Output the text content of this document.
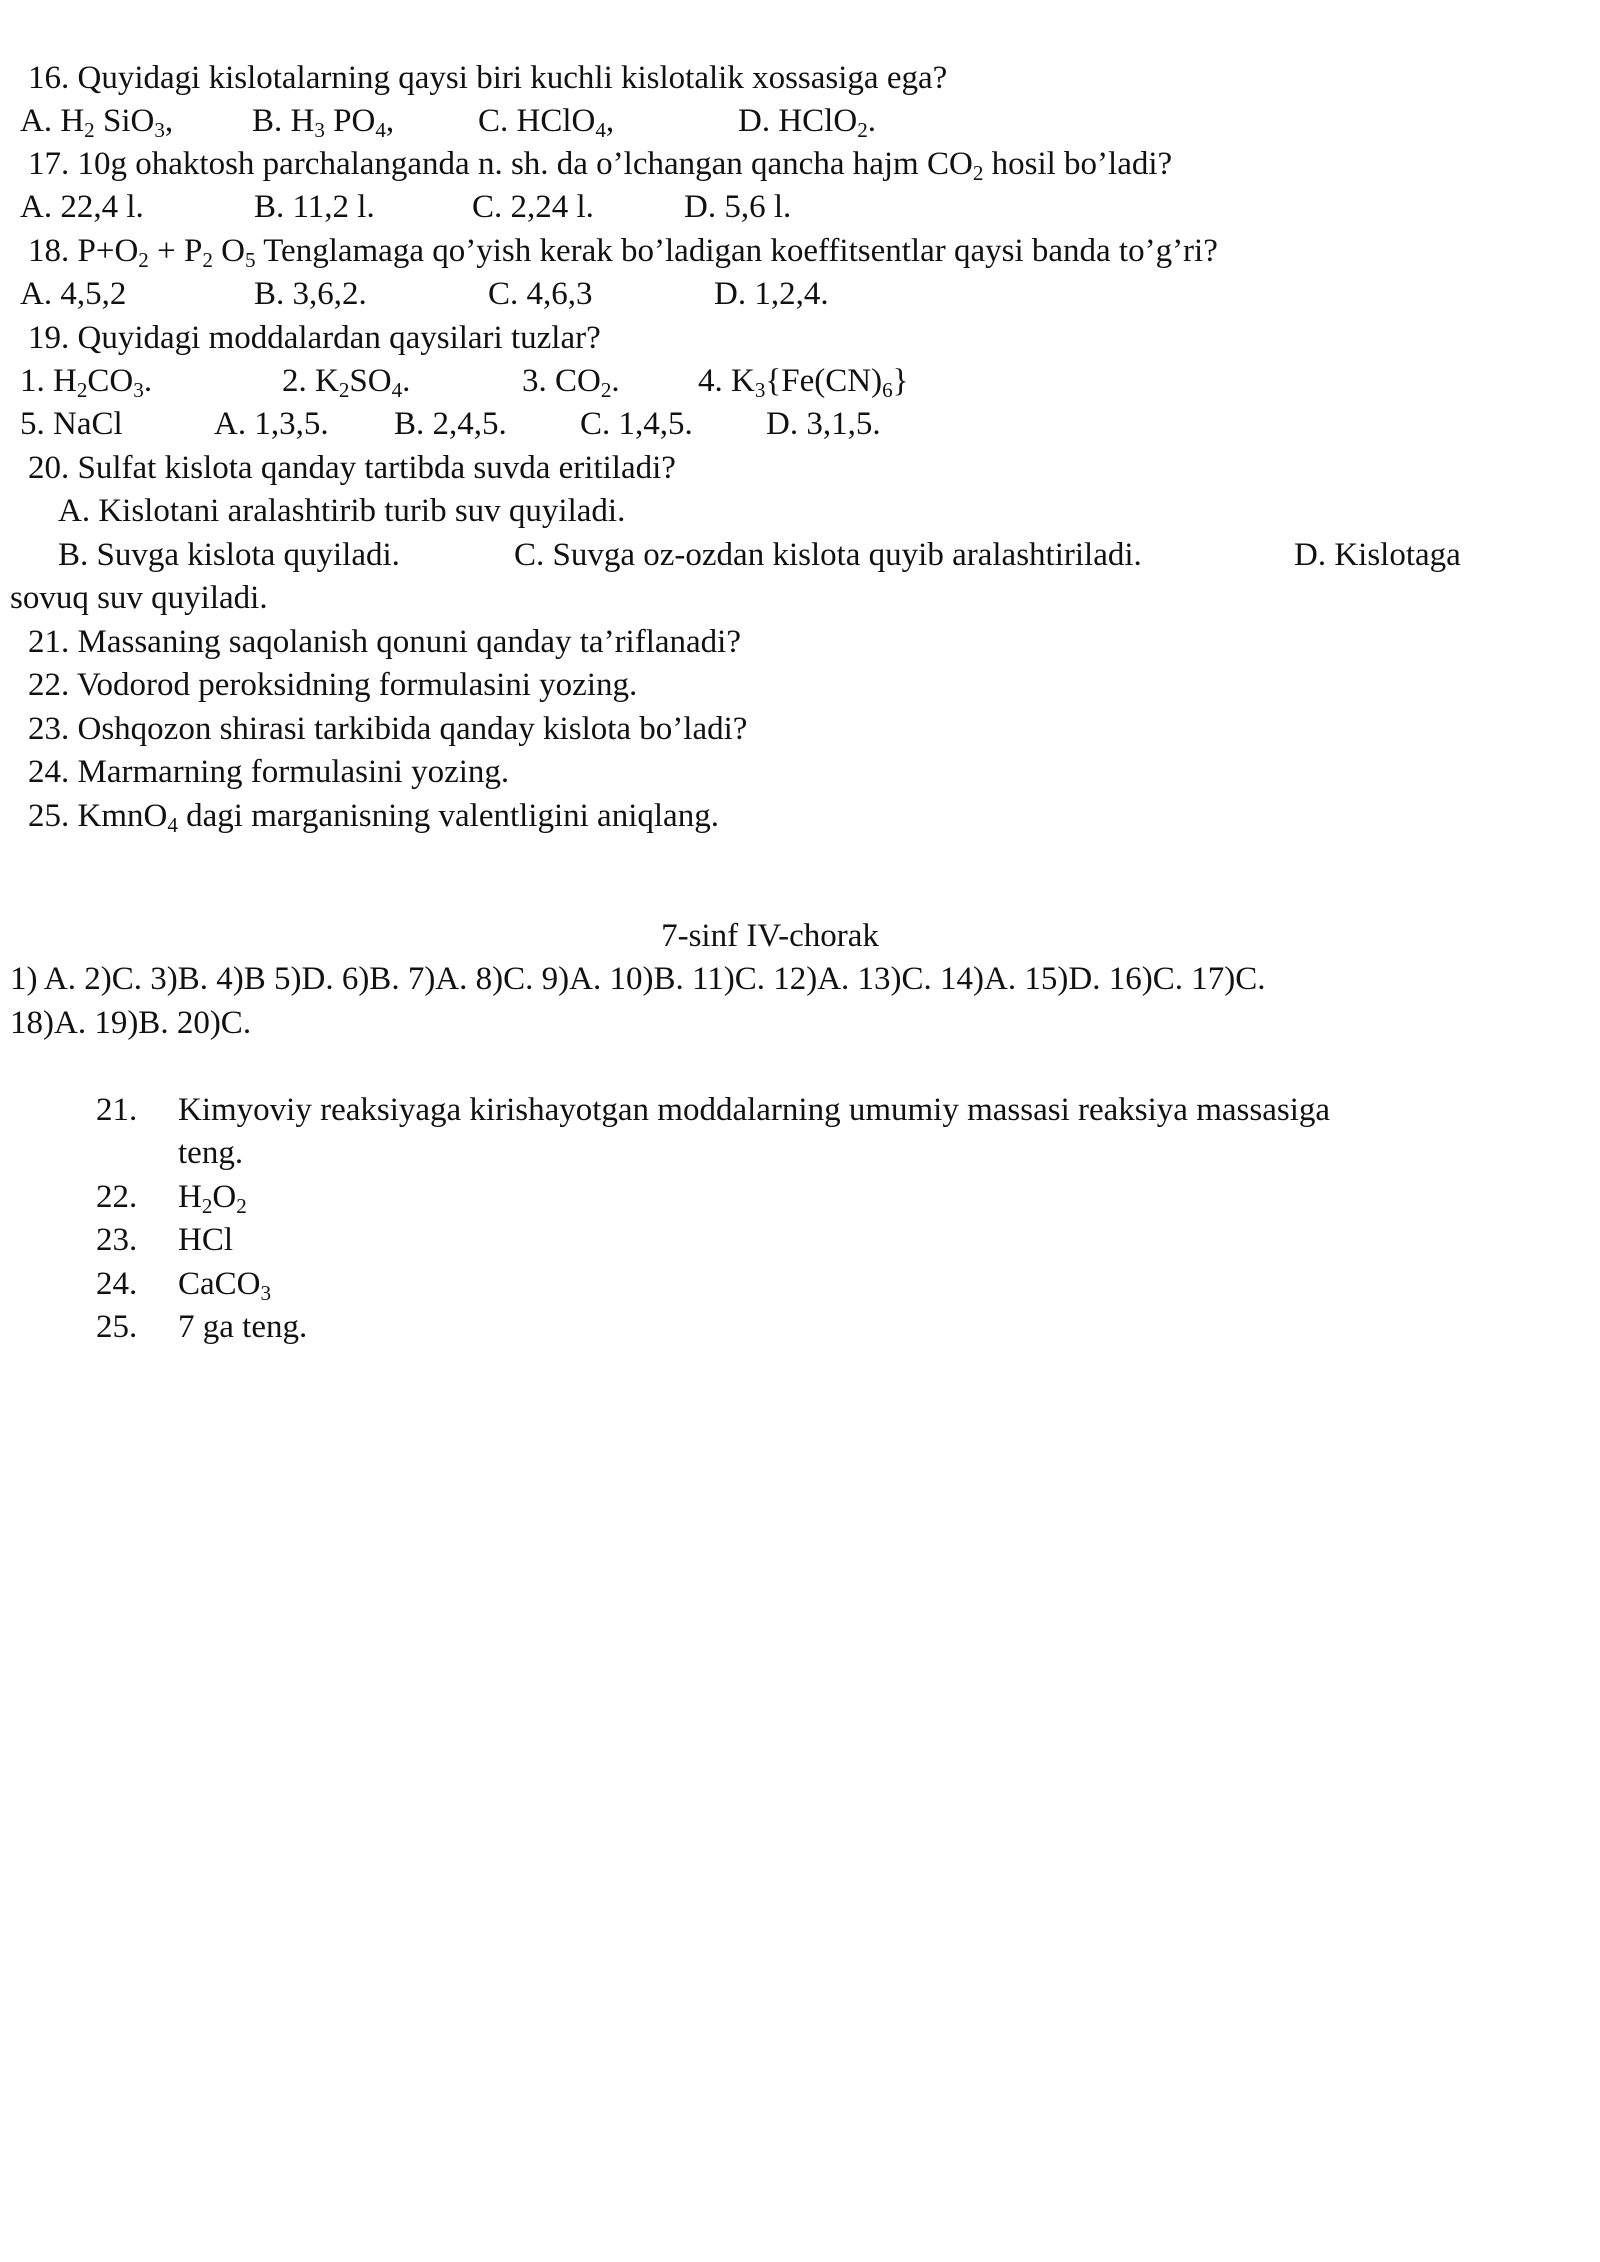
16. Quyidagi kislotalarning qaysi biri kuchli kislotalik xossasiga ega?
A. $H_2$ SiO$_3$, B. $H_3$ $PO_4$,	C. HClO$_4$,	D. HClO$_2$.
17. 10g ohaktosh parchalanganda n. sh. da o’lchangan qancha hajm $CO_2$ hosil bo’ladi?
A. 22,4 l.	B. 11,2 l.	C. 2,24 l.	D. 5,6 l.
18. $P+O_2 + P_2$ $O_5$ Tenglamaga qo’yish kerak bo’ladigan koeffitsentlar qaysi banda to’g’ri?
A. 4,5,2	B. 3,6,2.	C. 4,6,3	D. 1,2,4.
19. Quyidagi moddalardan qaysilari tuzlar?
1. $H_2CO_3$.	2. $K_2SO_4$.	3. $CO_2$. 4. $K_3\{Fe(CN)_6\}$
5. NaCl	A. 1,3,5. B. 2,4,5. C. 1,4,5. D. 3,1,5.
20. Sulfat kislota qanday tartibda suvda eritiladi?
A. Kislotani aralashtirib turib suv quyiladi.
B. Suvga kislota quyiladi.	C. Suvga oz-ozdan kislota quyib aralashtiriladi.	D. Kislotaga
sovuq suv quyiladi.
21. Massaning saqolanish qonuni qanday ta’riflanadi?
22. Vodorod peroksidning formulasini yozing.
23. Oshqozon shirasi tarkibida qanday kislota bo’ladi?
24. Marmarning formulasini yozing.
25. KmnO$_4$ dagi marganisning valentligini aniqlang.
7-sinf IV-chorak
1) A. 2)C. 3)B. 4)B 5)D. 6)B. 7)A. 8)C. 9)A. 10)B. 11)C. 12)A. 13)C. 14)A. 15)D. 16)C. 17)C.
18)A. 19)B. 20)C.
21. Kimyoviy reaksiyaga kirishayotgan moddalarning umumiy massasi reaksiya massasiga
teng.
22. $H_2O_2$
23. HCl
24. CaCO$_3$
25. 7 ga teng.
